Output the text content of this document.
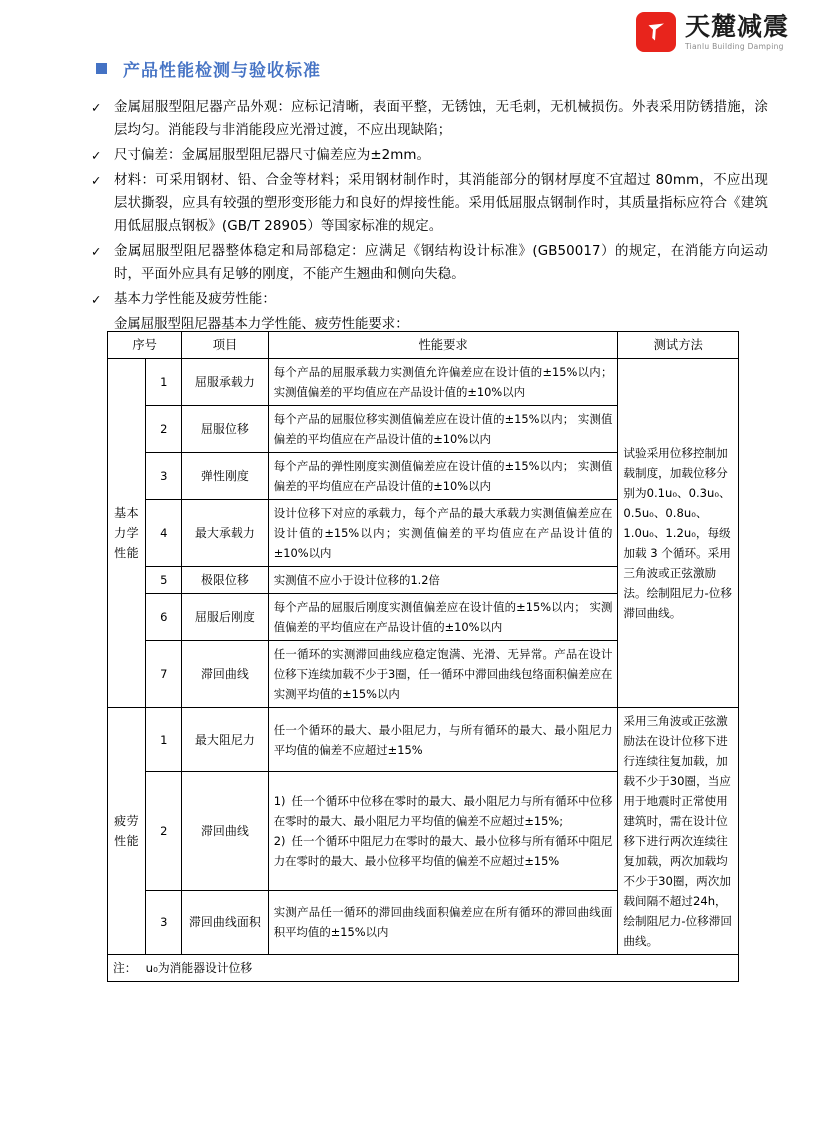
天麓减震
Tianlu Building Damping
产品性能检测与验收标准
✓ 金属屈服型阻尼器产品外观：应标记清晰，表面平整，无锈蚀，无毛刺，无机械损伤。外表采用防锈措施，涂层均匀。消能段与非消能段应光滑过渡，不应出现缺陷；
✓ 尺寸偏差：金属屈服型阻尼器尺寸偏差应为±2mm。
✓ 材料：可采用钢材、铅、合金等材料；采用钢材制作时，其消能部分的钢材厚度不宜超过 80mm，不应出现层状撕裂，应具有较强的塑形变形能力和良好的焊接性能。采用低屈服点钢制作时，其质量指标应符合《建筑用低屈服点钢板》(GB/T 28905）等国家标准的规定。
✓ 金属屈服型阻尼器整体稳定和局部稳定：应满足《钢结构设计标准》(GB50017）的规定，在消能方向运动时，平面外应具有足够的刚度，不能产生翘曲和侧向失稳。
✓ 基本力学性能及疲劳性能：
金属屈服型阻尼器基本力学性能、疲劳性能要求：
序号		项目	性能要求	测试方法
基本力学性能	1	屈服承载力	每个产品的屈服承载力实测值允许偏差应在设计值的±15%以内； 实测值偏差的平均值应在产品设计值的±10%以内	试验采用位移控制加载制度，加载位移分别为0.1u₀、0.3u₀、0.5u₀、0.8u₀、1.0u₀、1.2u₀，每级加载 3 个循环。采用三角波或正弦激励法。绘制阻尼力-位移滞回曲线。
	2	屈服位移	每个产品的屈服位移实测值偏差应在设计值的±15%以内； 实测值偏差的平均值应在产品设计值的±10%以内	
	3	弹性刚度	每个产品的弹性刚度实测值偏差应在设计值的±15%以内； 实测值偏差的平均值应在产品设计值的±10%以内	
	4	最大承载力	设计位移下对应的承载力，每个产品的最大承载力实测值偏差应在设计值的±15%以内；实测值偏差的平均值应在产品设计值的±10%以内	
	5	极限位移	实测值不应小于设计位移的1.2倍	
	6	屈服后刚度	每个产品的屈服后刚度实测值偏差应在设计值的±15%以内； 实测值偏差的平均值应在产品设计值的±10%以内	
	7	滞回曲线	任一循环的实测滞回曲线应稳定饱满、光滑、无异常。产品在设计位移下连续加载不少于3圈，任一循环中滞回曲线包络面积偏差应在实测平均值的±15%以内	
疲劳性能	1	最大阻尼力	任一个循环的最大、最小阻尼力，与所有循环的最大、最小阻尼力平均值的偏差不应超过±15%	采用三角波或正弦激励法在设计位移下进行连续往复加载，加载不少于30圈，当应用于地震时正常使用建筑时，需在设计位移下进行两次连续往复加载，两次加载均不少于30圈，两次加载间隔不超过24h，绘制阻尼力-位移滞回曲线。
	2	滞回曲线	1) 任一个循环中位移在零时的最大、最小阻尼力与所有循环中位移在零时的最大、最小阻尼力平均值的偏差不应超过±15%;
2) 任一个循环中阻尼力在零时的最大、最小位移与所有循环中阻尼力在零时的最大、最小位移平均值的偏差不应超过±15%	

	3	滞回曲线面积	实测产品任一循环的滞回曲线面积偏差应在所有循环的滞回曲线面积平均值的±15%以内	
注： u₀为消能器设计位移				
